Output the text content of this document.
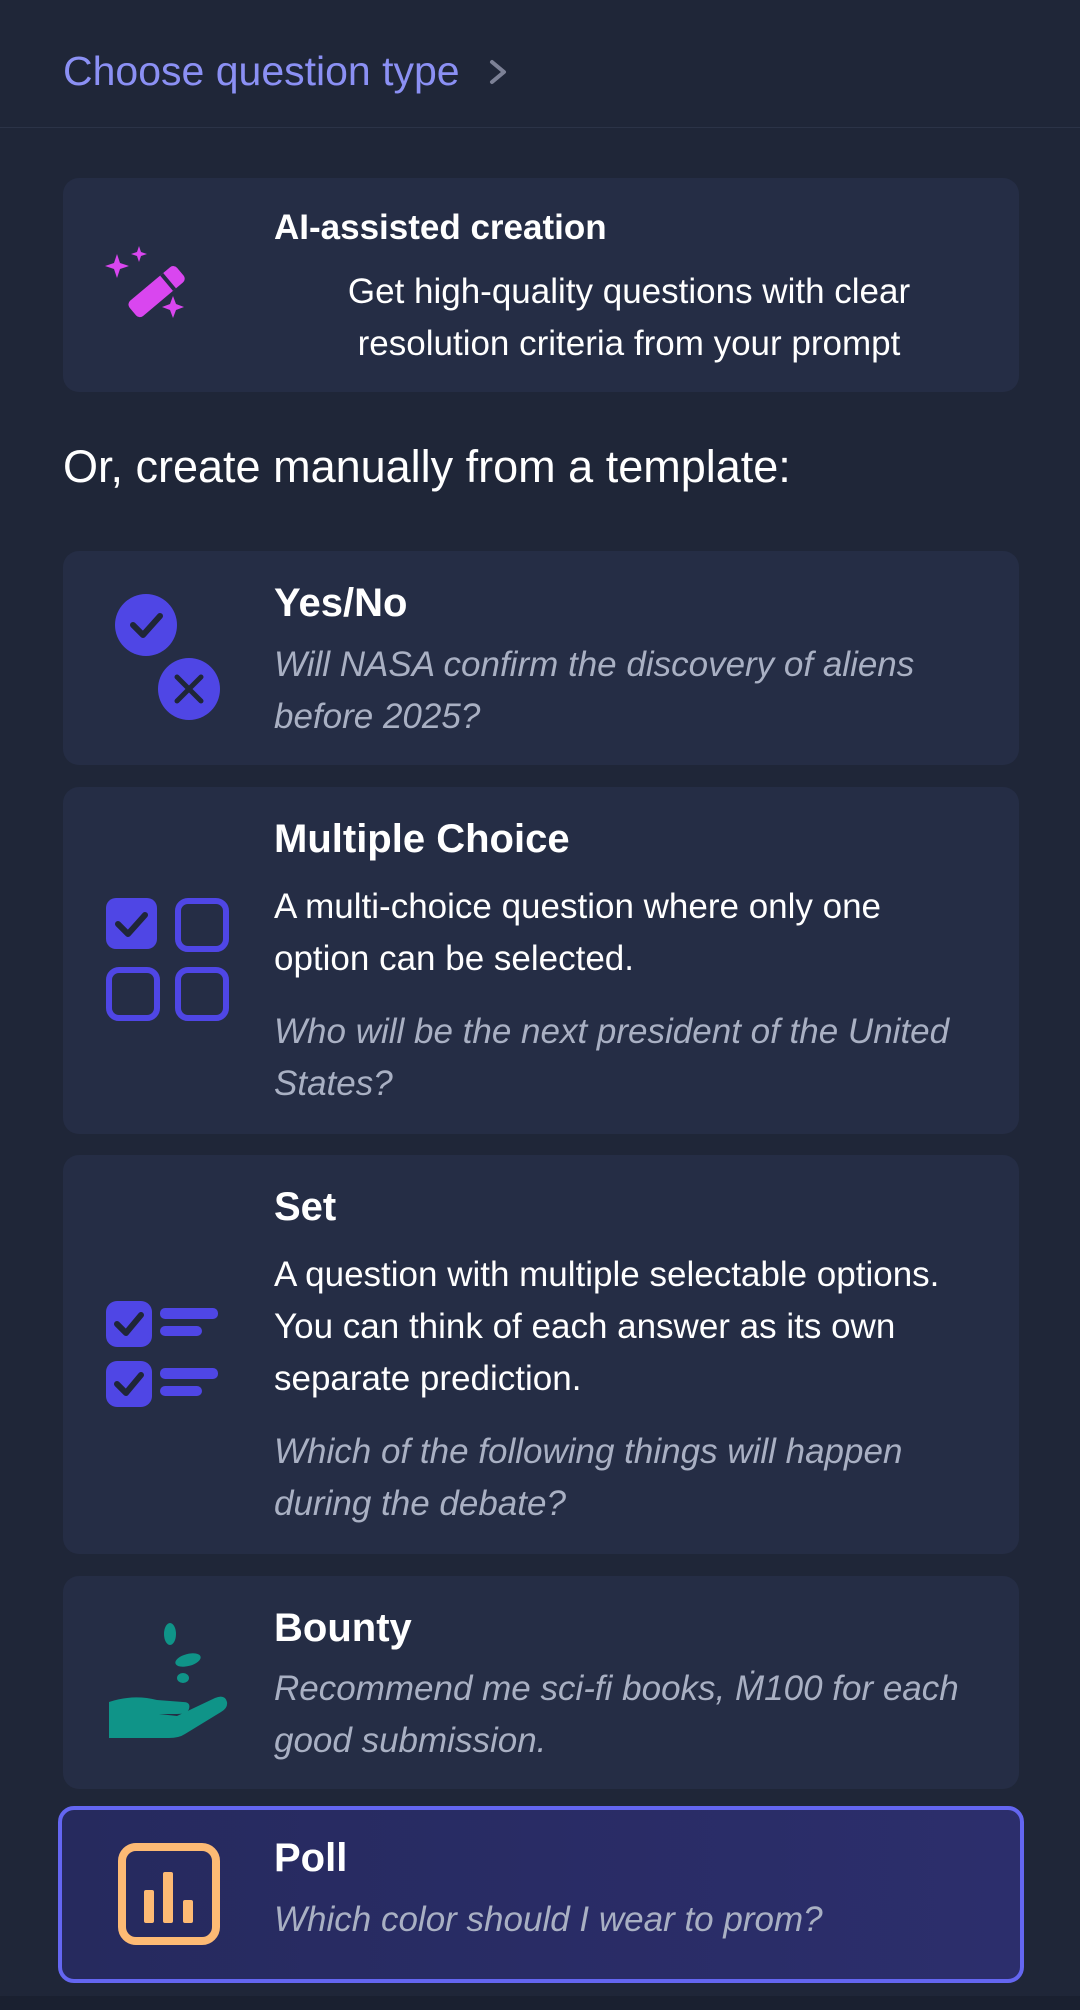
Choose question type
AI-assisted creation
Get high-quality questions with clear resolution criteria from your prompt
Or, create manually from a template:
Yes/No
Will NASA confirm the discovery of aliens before 2025?
Multiple Choice
A multi-choice question where only one option can be selected.
Who will be the next president of the United States?
Set
A question with multiple selectable options. You can think of each answer as its own separate prediction.
Which of the following things will happen during the debate?
Bounty
Recommend me sci-fi books, Ṁ100 for each good submission.
Poll
Which color should I wear to prom?
